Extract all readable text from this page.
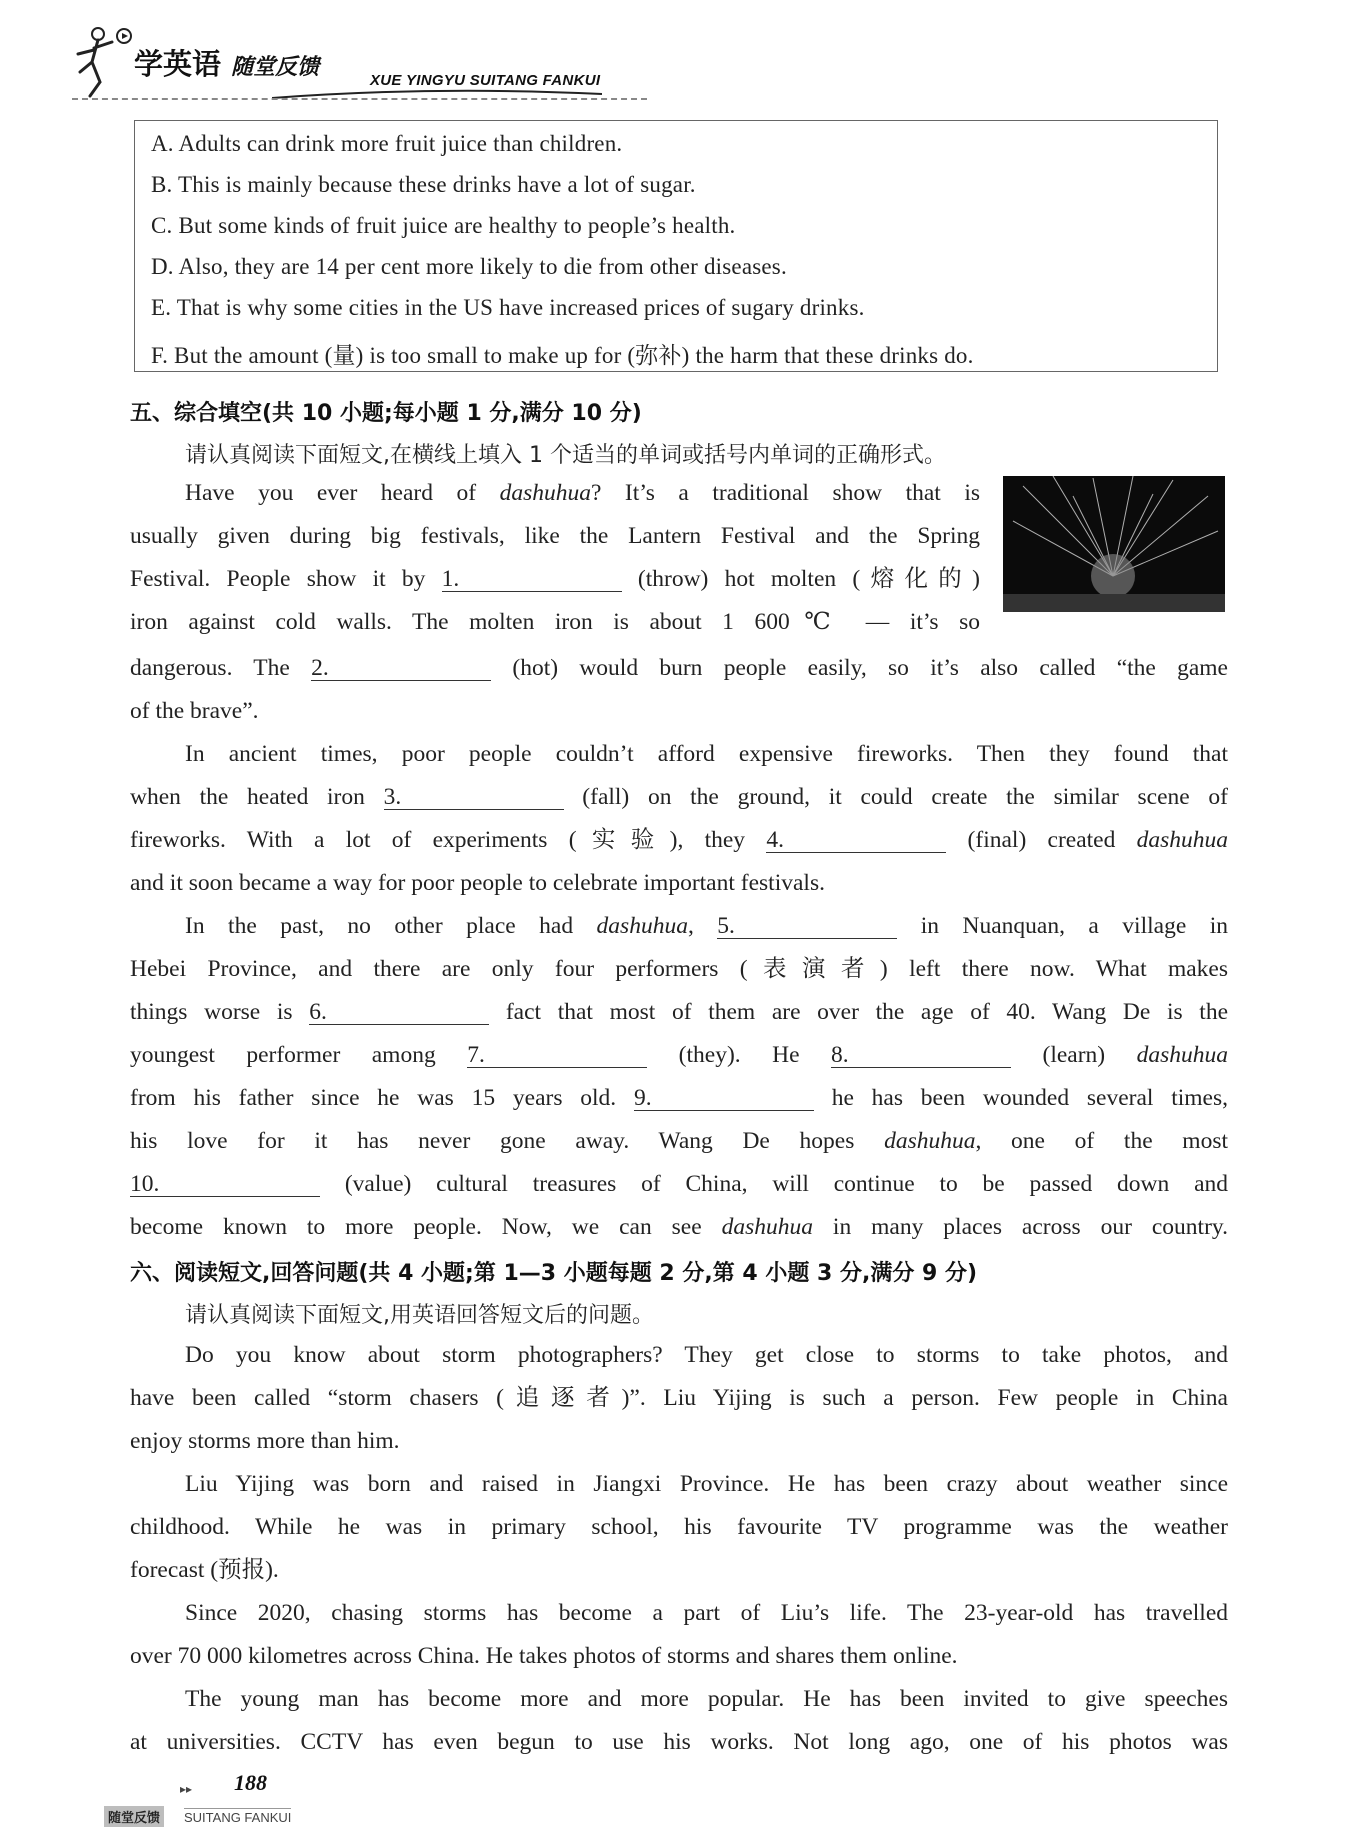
学英语 随堂反馈
XUE YINGYU SUITANG FANKUI
A. Adults can drink more fruit juice than children.
B. This is mainly because these drinks have a lot of sugar.
C. But some kinds of fruit juice are healthy to people’s health.
D. Also, they are 14 per cent more likely to die from other diseases.
E. That is why some cities in the US have increased prices of sugary drinks.
F. But the amount (量) is too small to make up for (弥补) the harm that these drinks do.
五、综合填空(共 10 小题;每小题 1 分,满分 10 分)
请认真阅读下面短文,在横线上填入 1 个适当的单词或括号内单词的正确形式。
Have you ever heard of dashuhua? It’s a traditional show that is
usually given during big festivals, like the Lantern Festival and the Spring
Festival. People show it by 1.	(throw) hot molten (熔化的)
iron against cold walls. The molten iron is about 1 600℃ — it’s so
dangerous. The 2.	(hot) would burn people easily, so it’s also called “the game
of the brave”.
In ancient times, poor people couldn’t afford expensive fireworks. Then they found that
when the heated iron 3.	(fall) on the ground, it could create the similar scene of
fireworks. With a lot of experiments (实验), they 4.	(final) created dashuhua
and it soon became a way for poor people to celebrate important festivals.
In the past, no other place had dashuhua, 5.	in Nuanquan, a village in
Hebei Province, and there are only four performers (表演者) left there now. What makes
things worse is 6.	fact that most of them are over the age of 40. Wang De is the
youngest performer among 7.	(they). He 8.	(learn) dashuhua
from his father since he was 15 years old. 9.	he has been wounded several times,
his love for it has never gone away. Wang De hopes dashuhua, one of the most
10.	(value) cultural treasures of China, will continue to be passed down and
become known to more people. Now, we can see dashuhua in many places across our country.
六、阅读短文,回答问题(共 4 小题;第 1—3 小题每题 2 分,第 4 小题 3 分,满分 9 分)
请认真阅读下面短文,用英语回答短文后的问题。
Do you know about storm photographers? They get close to storms to take photos, and
have been called “storm chasers (追逐者)”. Liu Yijing is such a person. Few people in China
enjoy storms more than him.
Liu Yijing was born and raised in Jiangxi Province. He has been crazy about weather since
childhood. While he was in primary school, his favourite TV programme was the weather
forecast (预报).
Since 2020, chasing storms has become a part of Liu’s life. The 23-year-old has travelled
over 70 000 kilometres across China. He takes photos of storms and shares them online.
The young man has become more and more popular. He has been invited to give speeches
at universities. CCTV has even begun to use his works. Not long ago, one of his photos was
▸▸ 188
随堂反馈	SUITANG FANKUI
